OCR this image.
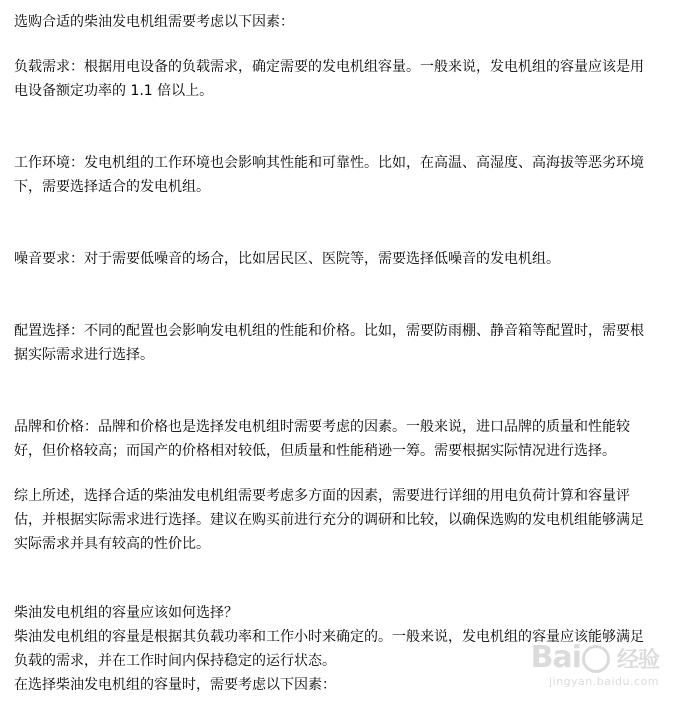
选购合适的柴油发电机组需要考虑以下因素：

负载需求：根据用电设备的负载需求，确定需要的发电机组容量。一般来说，发电机组的容量应该是用电设备额定功率的 1.1 倍以上。

工作环境：发电机组的工作环境也会影响其性能和可靠性。比如，在高温、高湿度、高海拔等恶劣环境下，需要选择适合的发电机组。

噪音要求：对于需要低噪音的场合，比如居民区、医院等，需要选择低噪音的发电机组。

配置选择：不同的配置也会影响发电机组的性能和价格。比如，需要防雨棚、静音箱等配置时，需要根据实际需求进行选择。

品牌和价格：品牌和价格也是选择发电机组时需要考虑的因素。一般来说，进口品牌的质量和性能较好，但价格较高；而国产的价格相对较低，但质量和性能稍逊一筹。需要根据实际情况进行选择。

综上所述，选择合适的柴油发电机组需要考虑多方面的因素，需要进行详细的用电负荷计算和容量评估，并根据实际需求进行选择。建议在购买前进行充分的调研和比较，以确保选购的发电机组能够满足实际需求并具有较高的性价比。

柴油发电机组的容量应该如何选择？

柴油发电机组的容量是根据其负载功率和工作小时来确定的。一般来说，发电机组的容量应该能够满足负载的需求，并在工作时间内保持稳定的运行状态。

在选择柴油发电机组的容量时，需要考虑以下因素：

Bai 经验
jingyan.baidu.com
